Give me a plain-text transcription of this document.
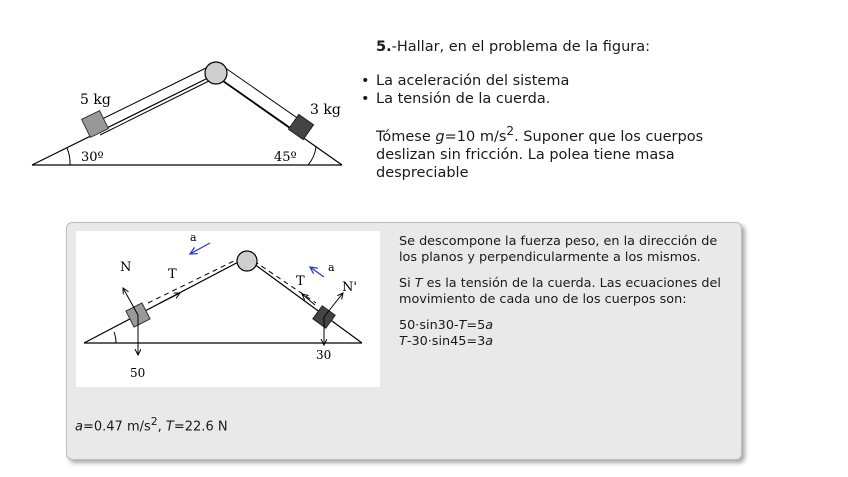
5 kg
3 kg
30º	45º

5.-Hallar, en el problema de la figura:

• La aceleración del sistema
• La tensión de la cuerda.
Tómese g=10 $m/s^2$. Suponer que los cuerpos deslizan sin fricción. La polea tiene masa despreciable
a
a
N
N'
T	T
50
30

Se descompone la fuerza peso, en la dirección de los planos y perpendicularmente a los mismos.

Si T es la tensión de la cuerda. Las ecuaciones del movimiento de cada uno de los cuerpos son:

50·sin30-T=5a
T-30·sin45=3a
a=0.47 $m/s^2$, T=22.6 N
